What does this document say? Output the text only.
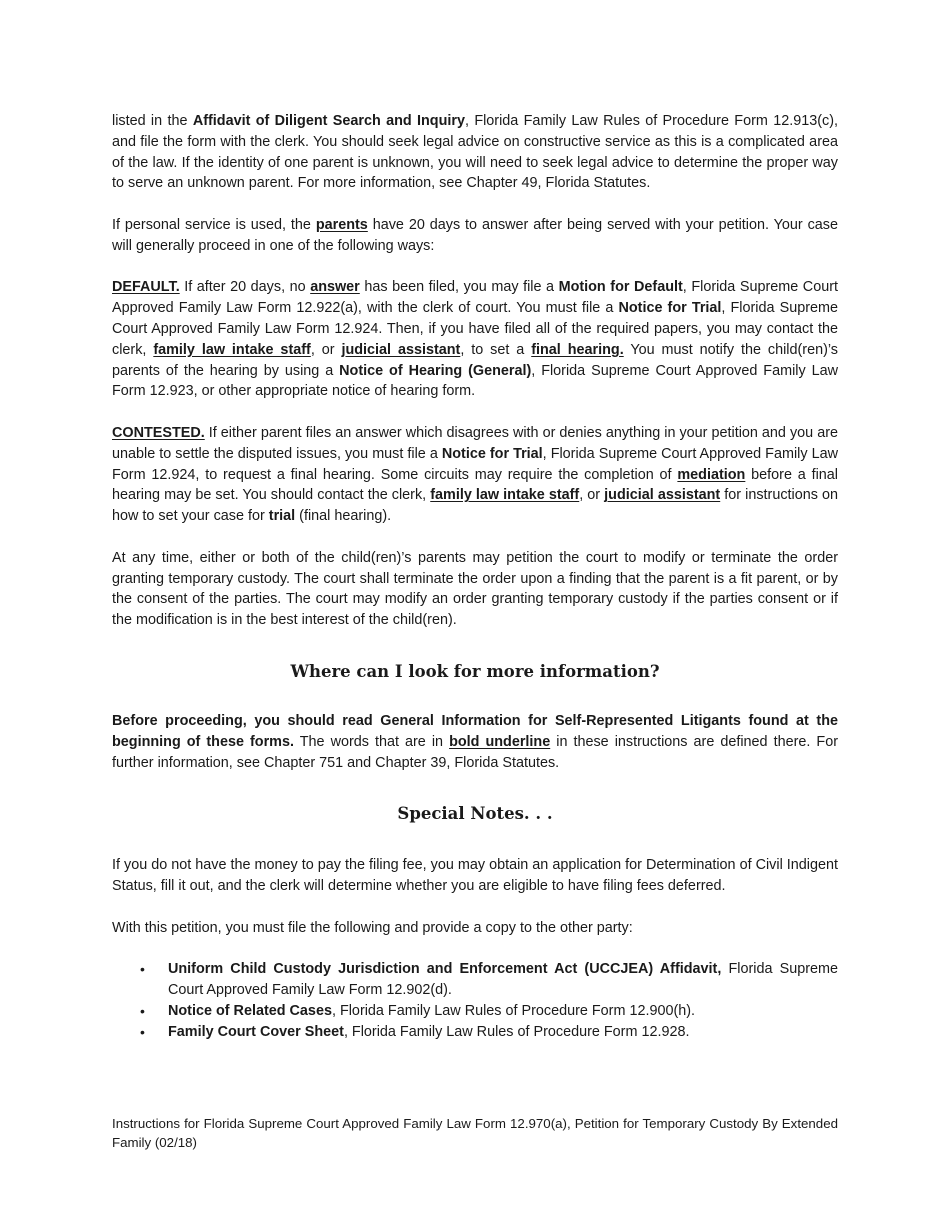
listed in the Affidavit of Diligent Search and Inquiry, Florida Family Law Rules of Procedure Form 12.913(c), and file the form with the clerk. You should seek legal advice on constructive service as this is a complicated area of the law. If the identity of one parent is unknown, you will need to seek legal advice to determine the proper way to serve an unknown parent. For more information, see Chapter 49, Florida Statutes.

If personal service is used, the parents have 20 days to answer after being served with your petition. Your case will generally proceed in one of the following ways:

DEFAULT. If after 20 days, no answer has been filed, you may file a Motion for Default, Florida Supreme Court Approved Family Law Form 12.922(a), with the clerk of court. You must file a Notice for Trial, Florida Supreme Court Approved Family Law Form 12.924. Then, if you have filed all of the required papers, you may contact the clerk, family law intake staff, or judicial assistant, to set a final hearing. You must notify the child(ren)’s parents of the hearing by using a Notice of Hearing (General), Florida Supreme Court Approved Family Law Form 12.923, or other appropriate notice of hearing form.

CONTESTED. If either parent files an answer which disagrees with or denies anything in your petition and you are unable to settle the disputed issues, you must file a Notice for Trial, Florida Supreme Court Approved Family Law Form 12.924, to request a final hearing. Some circuits may require the completion of mediation before a final hearing may be set. You should contact the clerk, family law intake staff, or judicial assistant for instructions on how to set your case for trial (final hearing).

At any time, either or both of the child(ren)’s parents may petition the court to modify or terminate the order granting temporary custody. The court shall terminate the order upon a finding that the parent is a fit parent, or by the consent of the parties. The court may modify an order granting temporary custody if the parties consent or if the modification is in the best interest of the child(ren).

Where can I look for more information?

Before proceeding, you should read General Information for Self-Represented Litigants found at the beginning of these forms. The words that are in bold underline in these instructions are defined there. For further information, see Chapter 751 and Chapter 39, Florida Statutes.

Special Notes. . .

If you do not have the money to pay the filing fee, you may obtain an application for Determination of Civil Indigent Status, fill it out, and the clerk will determine whether you are eligible to have filing fees deferred.

With this petition, you must file the following and provide a copy to the other party:

• Uniform Child Custody Jurisdiction and Enforcement Act (UCCJEA) Affidavit, Florida Supreme Court Approved Family Law Form 12.902(d).
• Notice of Related Cases, Florida Family Law Rules of Procedure Form 12.900(h).
• Family Court Cover Sheet, Florida Family Law Rules of Procedure Form 12.928.
Instructions for Florida Supreme Court Approved Family Law Form 12.970(a), Petition for Temporary Custody By Extended Family (02/18)
